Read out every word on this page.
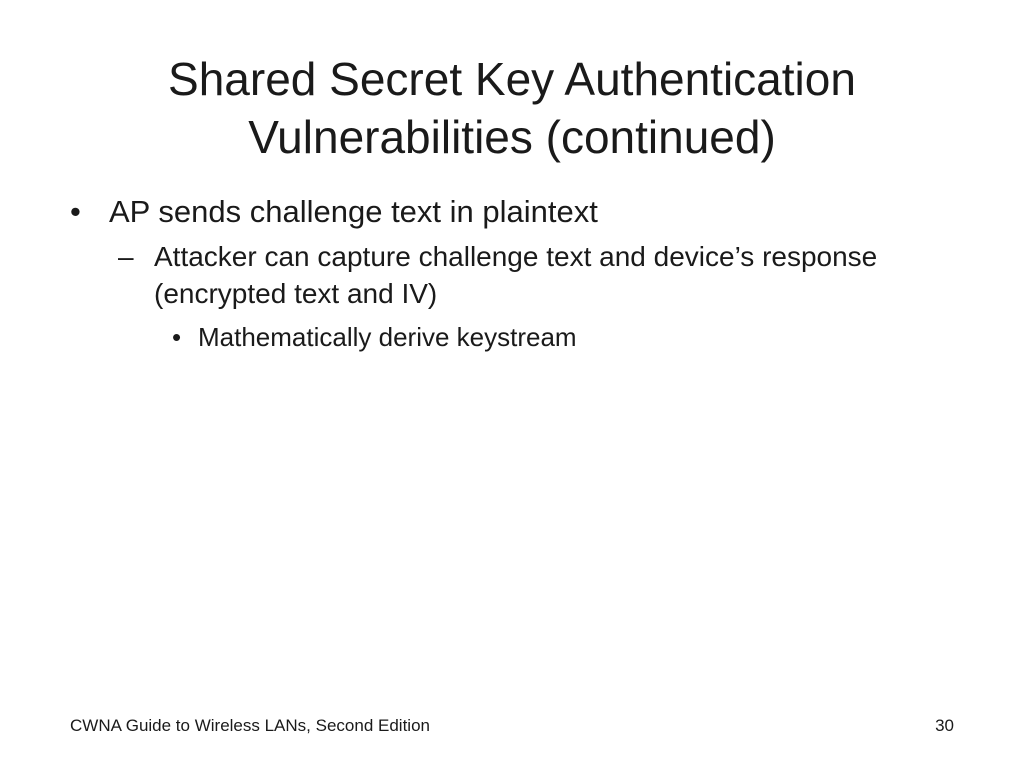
Shared Secret Key Authentication
Vulnerabilities (continued)
• AP sends challenge text in plaintext
– Attacker can capture challenge text and device’s response (encrypted text and IV)
• Mathematically derive keystream
CWNA Guide to Wireless LANs, Second Edition	30
